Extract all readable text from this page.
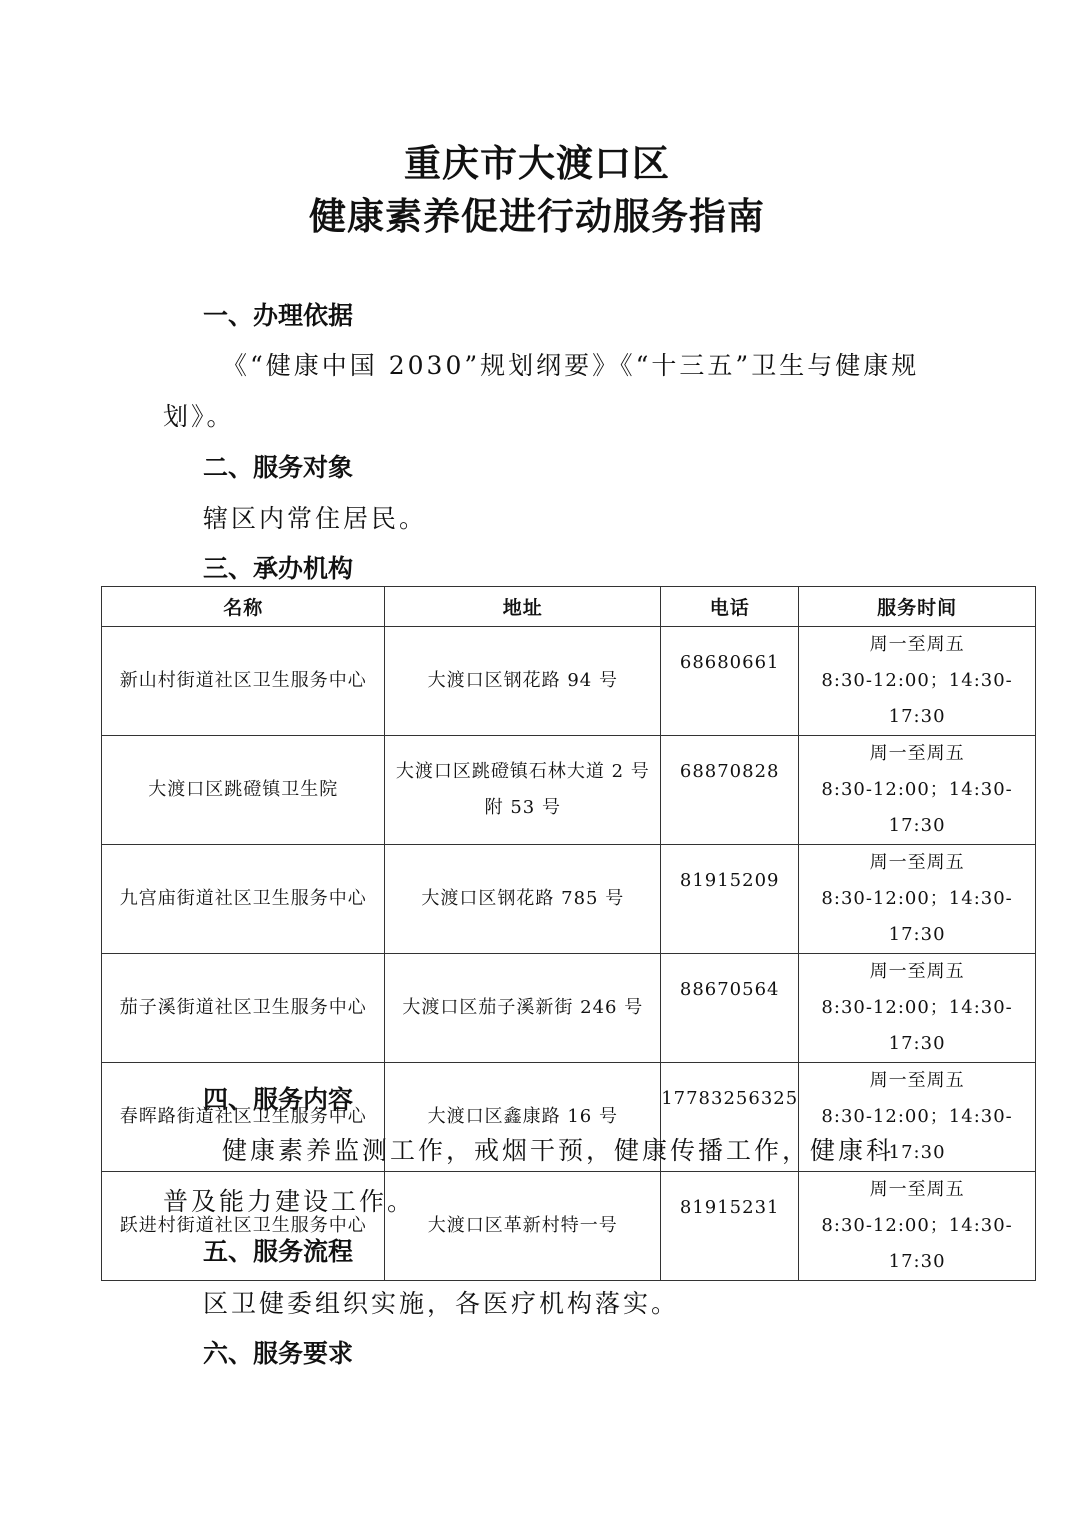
重庆市大渡口区
健康素养促进行动服务指南
一、办理依据
《“健康中国 2030”规划纲要》《“十三五”卫生与健康规
划》。
二、服务对象
辖区内常住居民。
三、承办机构
名称	地址	电话	服务时间
新山村街道社区卫生服务中心	大渡口区钢花路 94 号	68680661	周一至周五
8:30-12:00；14:30-17:30

大渡口区跳磴镇卫生院	大渡口区跳磴镇石林大道 2 号附 53 号	68870828	周一至周五
8:30-12:00；14:30-17:30

九宫庙街道社区卫生服务中心	大渡口区钢花路 785 号	81915209	周一至周五
8:30-12:00；14:30-17:30

茄子溪街道社区卫生服务中心	大渡口区茄子溪新街 246 号	88670564	周一至周五
8:30-12:00；14:30-17:30

春晖路街道社区卫生服务中心	大渡口区鑫康路 16 号	17783256325	周一至周五
8:30-12:00；14:30-17:30

跃进村街道社区卫生服务中心	大渡口区革新村特一号	81915231	周一至周五
8:30-12:00；14:30-17:30
四、服务内容
健康素养监测工作，戒烟干预，健康传播工作，健康科
普及能力建设工作。
五、服务流程
区卫健委组织实施，各医疗机构落实。
六、服务要求
